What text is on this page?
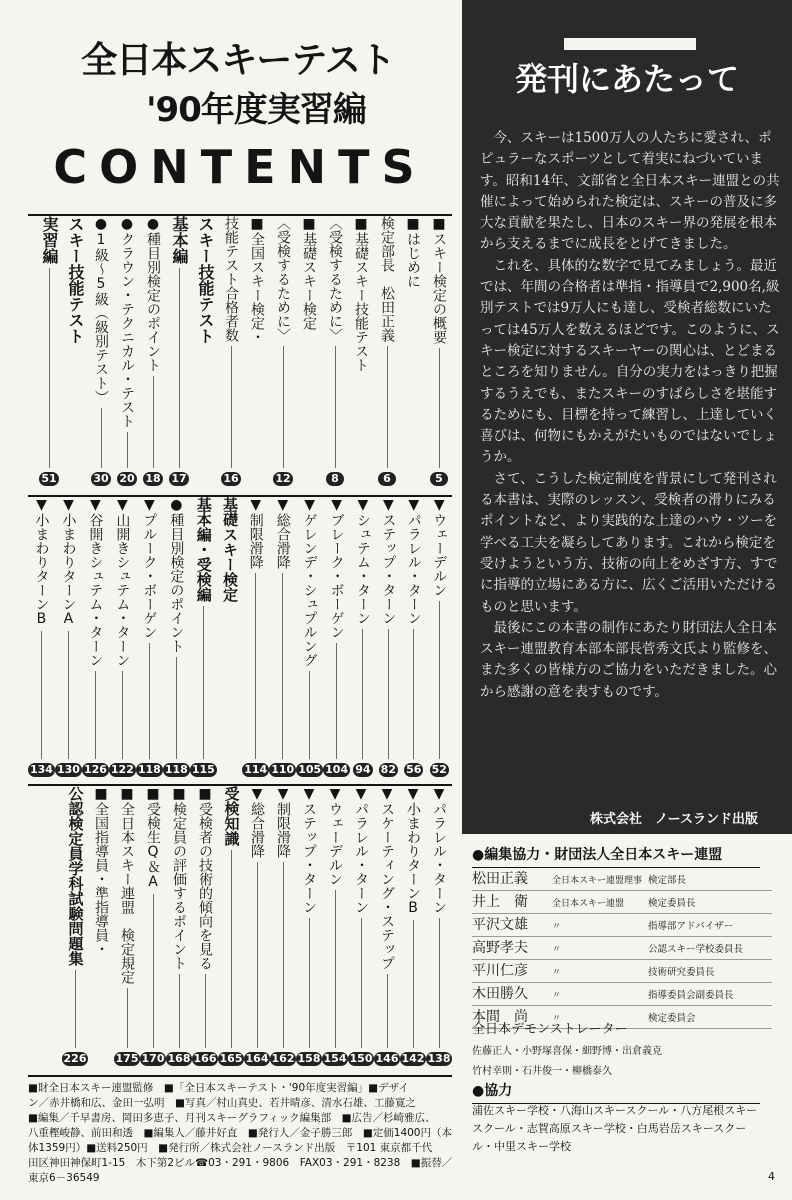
全日本スキーテスト
'90年度実習編
CONTENTS
■スキー検定の概要
5
■はじめに
検定部長　松田正義
6
■基礎スキー技能テスト
〈受検するために〉
8
■基礎スキー検定
〈受検するために〉
12
■全国スキー検定・
技能テスト合格者数
16
スキー技能テスト
基本編
17
●種目別検定のポイント
18
●クラウン・テクニカル・テスト
20
●1級〜5級（級別テスト）
30
スキー技能テスト
実習編
51
▼ウェーデルン
52
▼パラレル・ターン
56
▼ステップ・ターン
82
▼シュテム・ターン
94
▼ブレーク・ボーゲン
104
▼ゲレンデ・シュプルング
105
▼総合滑降
110
▼制限滑降
114
基礎スキー検定
基本編・受検編
115
●種目別検定のポイント
118
▼プルーク・ボーゲン
118
▼山開きシュテム・ターン
122
▼谷開きシュテム・ターン
126
▼小まわりターンA
130
▼小まわりターンB
134
▼パラレル・ターン
138
▼小まわりターンB
142
▼スケーティング・ステップ
146
▼パラレル・ターン
150
▼ウェーデルン
154
▼ステップ・ターン
158
▼制限滑降
162
▼総合滑降
164
受検知識
165
■受検者の技術的傾向を見る
166
■検定員の評価するポイント
168
■受検生Q＆A
170
■全日本スキー連盟　検定規定
175
■全国指導員・準指導員・
公認検定員学科試験問題集
226
■財全日本スキー連盟監修　■「全日本スキーテスト・'90年度実習編」■デザイ
ン／赤井橋和広、金田一弘明　■写真／村山真史、若井晴彦、清水石雄、工藤寛之
■編集／千早書房、岡田多恵子、月刊スキーグラフィック編集部　■広告／杉崎雅広、
八重樫峻静、前田和透　■編集人／藤井好直　■発行人／金子勝三郎　■定価1400円（本
体1359円）■送料250円　■発行所／株式会社ノースランド出版　〒101 東京都千代
田区神田神保町1-15　木下第2ビル☎03・291・9806　FAX03・291・8238　■振替／
東京6－36549
発刊にあたって

今、スキーは1500万人の人たちに愛され、ポピュラーなスポーツとして着実にねづいています。昭和14年、文部省と全日本スキー連盟との共催によって始められた検定は、スキーの普及に多大な貢献を果たし、日本のスキー界の発展を根本から支えるまでに成長をとげてきました。

これを、具体的な数字で見てみましょう。最近では、年間の合格者は準指・指導員で2,900名,級別テストでは9万人にも達し、受検者総数にいたっては45万人を数えるほどです。このように、スキー検定に対するスキーヤーの関心は、とどまるところを知りません。自分の実力をはっきり把握するうえでも、またスキーのすばらしさを堪能するためにも、目標を持って練習し、上達していく喜びは、何物にもかえがたいものではないでしょうか。

さて、こうした検定制度を背景にして発刊される本書は、実際のレッスン、受検者の滑りにみるポイントなど、より実践的な上達のハウ・ツーを学べる工夫を凝らしてあります。これから検定を受けようという方、技術の向上をめざす方、すでに指導的立場にある方に、広くご活用いただけるものと思います。

最後にこの本書の制作にあたり財団法人全日本スキー連盟教育本部本部長菅秀文氏より監修を、また多くの皆様方のご協力をいただきました。心から感謝の意を表すものです。

株式会社　ノースランド出版
●編集協力・財団法人全日本スキー連盟
松田正義	全日本スキー連盟理事 検定部長
井上　衛	全日本スキー連盟	検定委員長
平沢文雄	〃	指導部アドバイザー
高野孝夫	〃	公認スキー学校委員長
平川仁彦	〃	技術研究委員長
木田勝久	〃	指導委員会副委員長
本間　尚	〃	検定委員会
全日本デモンストレーター
佐藤正人・小野塚喜保・細野博・出倉義克
竹村幸則・石井俊一・柳橋泰久
●協力
浦佐スキー学校・八海山スキースクール・八方尾根スキースクール・志賀高原スキー学校・白馬岩岳スキースクール・中里スキー学校
4
